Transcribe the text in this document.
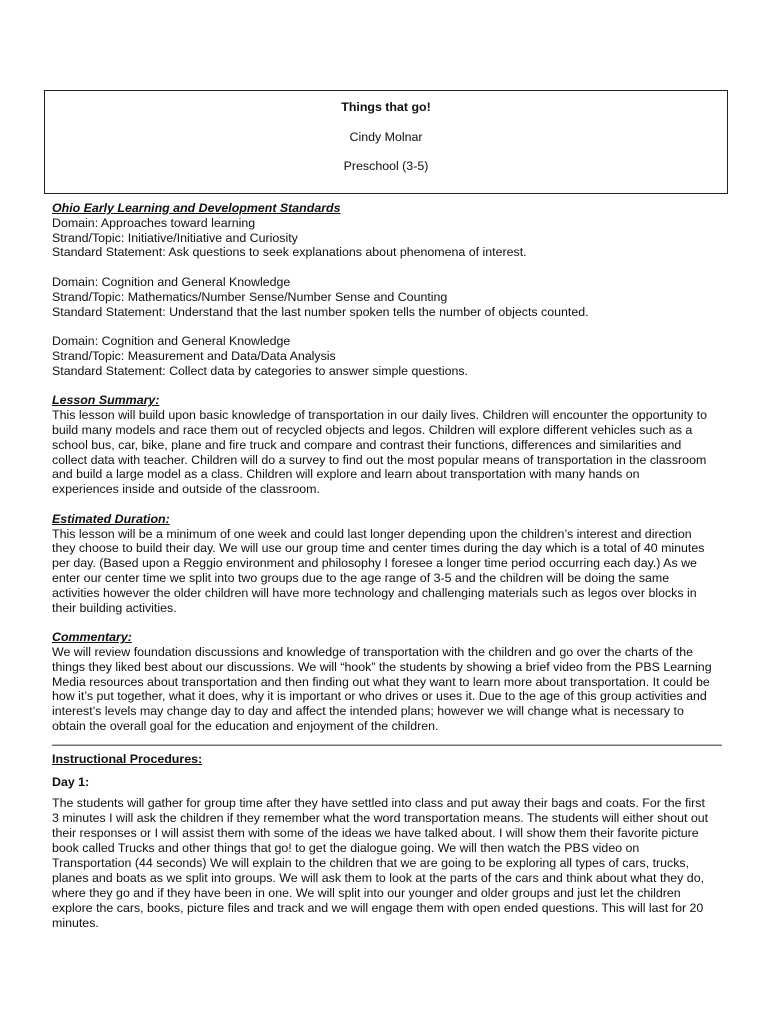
Things that go!
Cindy Molnar
Preschool (3-5)
Ohio Early Learning and Development Standards
Domain: Approaches toward learning
Strand/Topic: Initiative/Initiative and Curiosity
Standard Statement: Ask questions to seek explanations about phenomena of interest.
Domain: Cognition and General Knowledge
Strand/Topic: Mathematics/Number Sense/Number Sense and Counting
Standard Statement: Understand that the last number spoken tells the number of objects counted.
Domain: Cognition and General Knowledge
Strand/Topic: Measurement and Data/Data Analysis
Standard Statement: Collect data by categories to answer simple questions.
Lesson Summary:
This lesson will build upon basic knowledge of transportation in our daily lives. Children will encounter the opportunity to
build many models and race them out of recycled objects and legos. Children will explore different vehicles such as a
school bus, car, bike, plane and fire truck and compare and contrast their functions, differences and similarities and
collect data with teacher. Children will do a survey to find out the most popular means of transportation in the classroom
and build a large model as a class. Children will explore and learn about transportation with many hands on
experiences inside and outside of the classroom.
Estimated Duration:
This lesson will be a minimum of one week and could last longer depending upon the children’s interest and direction
they choose to build their day. We will use our group time and center times during the day which is a total of 40 minutes
per day. (Based upon a Reggio environment and philosophy I foresee a longer time period occurring each day.) As we
enter our center time we split into two groups due to the age range of 3-5 and the children will be doing the same
activities however the older children will have more technology and challenging materials such as legos over blocks in
their building activities.
Commentary:
We will review foundation discussions and knowledge of transportation with the children and go over the charts of the
things they liked best about our discussions. We will “hook” the students by showing a brief video from the PBS Learning
Media resources about transportation and then finding out what they want to learn more about transportation. It could be
how it’s put together, what it does, why it is important or who drives or uses it. Due to the age of this group activities and
interest’s levels may change day to day and affect the intended plans; however we will change what is necessary to
obtain the overall goal for the education and enjoyment of the children.
Instructional Procedures:
Day 1:
The students will gather for group time after they have settled into class and put away their bags and coats. For the first
3 minutes I will ask the children if they remember what the word transportation means. The students will either shout out
their responses or I will assist them with some of the ideas we have talked about. I will show them their favorite picture
book called Trucks and other things that go! to get the dialogue going. We will then watch the PBS video on
Transportation (44 seconds) We will explain to the children that we are going to be exploring all types of cars, trucks,
planes and boats as we split into groups. We will ask them to look at the parts of the cars and think about what they do,
where they go and if they have been in one. We will split into our younger and older groups and just let the children
explore the cars, books, picture files and track and we will engage them with open ended questions. This will last for 20
minutes.
